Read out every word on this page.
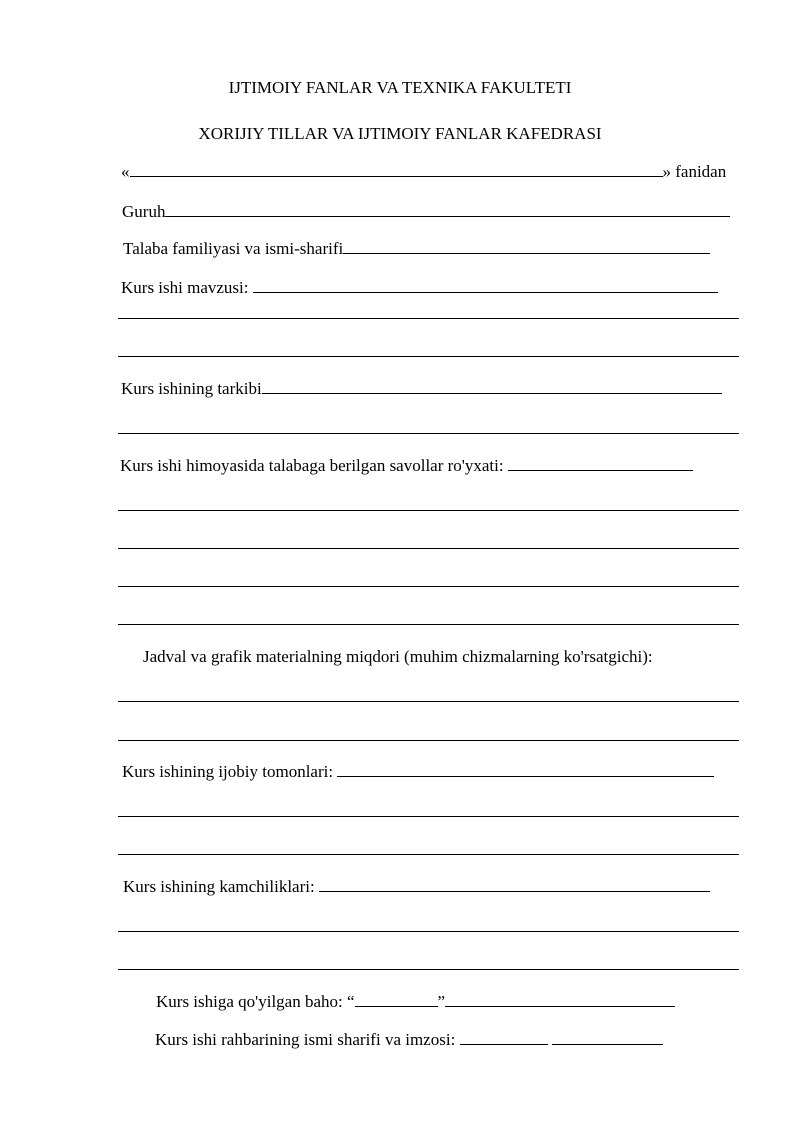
IJTIMOIY FANLAR VA TEXNIKA FAKULTETI
XORIJIY TILLAR VA IJTIMOIY FANLAR KAFEDRASI
«	» fanidan
Guruh
Talaba familiyasi va ismi-sharifi
Kurs ishi mavzusi:
Kurs ishining tarkibi
Kurs ishi himoyasida talabaga berilgan savollar ro'yxati:
Jadval va grafik materialning miqdori (muhim chizmalarning ko'rsatgichi):
Kurs ishining ijobiy tomonlari:
Kurs ishining kamchiliklari:
Kurs ishiga qo'yilgan baho: “	”
Kurs ishi rahbarining ismi sharifi va imzosi:
